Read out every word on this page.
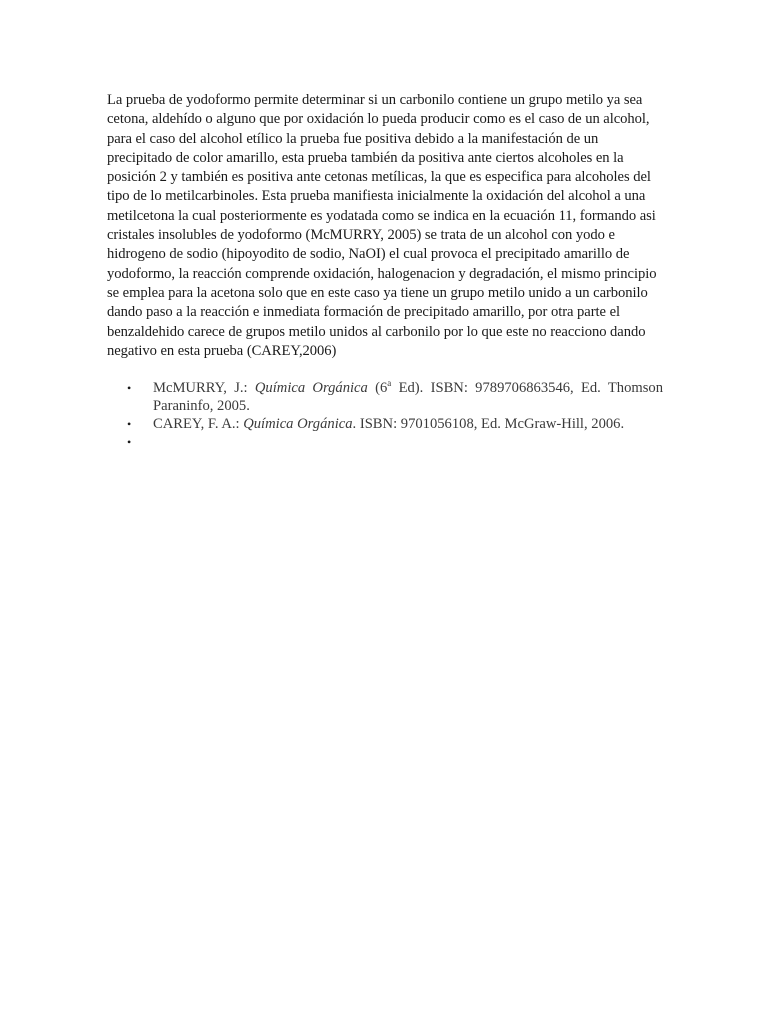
La prueba de yodoformo permite determinar si un carbonilo contiene un grupo metilo ya sea cetona, aldehído o alguno que por oxidación lo pueda producir como es el caso de un alcohol, para el caso del alcohol etílico la prueba fue positiva debido a la manifestación de un precipitado de color amarillo, esta prueba también da positiva ante ciertos alcoholes en la posición 2 y también es positiva ante cetonas metílicas, la que es especifica para alcoholes del tipo de lo metilcarbinoles. Esta prueba manifiesta inicialmente la oxidación del alcohol a una metilcetona la cual posteriormente es yodatada como se indica en la ecuación 11, formando asi cristales insolubles de yodoformo (McMURRY, 2005) se trata de un alcohol con yodo e hidrogeno de sodio (hipoyodito de sodio, NaOI) el cual provoca el precipitado amarillo de yodoformo, la reacción comprende oxidación, halogenacion y degradación, el mismo principio se emplea para la acetona solo que en este caso ya tiene un grupo metilo unido a un carbonilo dando paso a la reacción e inmediata formación de precipitado amarillo, por otra parte el benzaldehido carece de grupos metilo unidos al carbonilo por lo que este no reacciono dando negativo en esta prueba (CAREY,2006)

• McMURRY, J.: Química Orgánica (6$^a$ Ed). ISBN: 9789706863546, Ed. Thomson Paraninfo, 2005.
• CAREY, F. A.: Química Orgánica. ISBN: 9701056108, Ed. McGraw-Hill, 2006.
•
